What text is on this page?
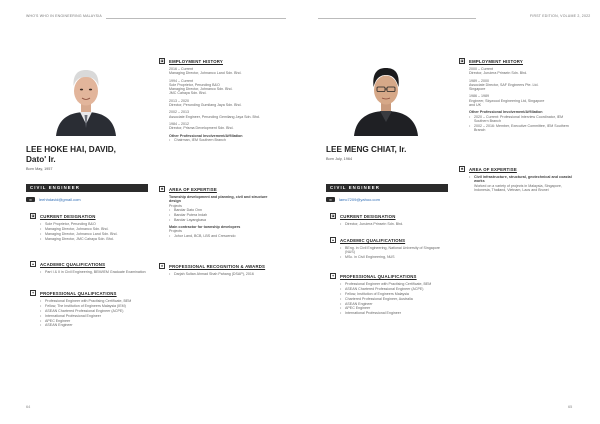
WHO'S WHO IN ENGINEERING MALAYSIA
LEE HOKE HAI, DAVID,
Dato' Ir.
Born May, 1957
CIVIL ENGINEER
✉	leehhdavid@gmail.com
▣	CURRENT DESIGNATION
• Sole Proprietor, Perunding B&O
• Managing Director, Johnanco Sdn. Bhd.
• Managing Director, Johnanco Land Sdn. Bhd.
• Managing Director, JMC Cahaya Sdn. Bhd.
▲	ACADEMIC QUALIFICATIONS
• Part I & II in Civil Engineering, BEM/IEM Graduate Examination
✦	PROFESSIONAL QUALIFICATIONS
• Professional Engineer with Practising Certificate, BEM
• Fellow, The Institution of Engineers Malaysia (IEM)
• ASEAN Chartered Professional Engineer (ACPE)
• International Professional Engineer
• APEC Engineer
• ASEAN Engineer
▣	EMPLOYMENT HISTORY
2016 – Current
Managing Director, Johnanco Land Sdn. Bhd.
1994 – Current
Sole Proprietor, Perunding B&O
Managing Director, Johnanco Sdn. Bhd.
JMC Cahaya Sdn. Bhd.
2013 – 2020
Director, Perunding Gumilang Jaya Sdn. Bhd.
2002 – 2013
Associate Engineer, Perunding Gemilang Jaya Sdn. Bhd.
1984 – 2012
Director, Prisma Development Sdn. Bhd.
Other Professional Involvement/Affiliation
• Chairman, IEM Southern Branch
✱	AREA OF EXPERTISE
Township development and planning, civil and structure design
Projects
• Bandar Dato Onn
• Bandar Putera Indah
• Bandar Layangkasa
Main contractor for township developers
Projects
• Johor Land, BCB, LBS and Crescendo
★	PROFESSIONAL RECOGNITION & AWARDS
• Darjah Sultan Ahmad Shah Pahang (DSAP), 2016
64
FIRST EDITION, VOLUME 2, 2022
LEE MENG CHIAT, Ir.
Born July, 1964
CIVIL ENGINEER
✉	lamc7209@yahoo.com
▣	CURRENT DESIGNATION
• Director, Juruiera Prinsein Sdn. Bhd.
▲	ACADEMIC QUALIFICATIONS
• BEng. in Civil Engineering, National University of Singapore (NUS)
• MSc. in Civil Engineering, NUS
✦	PROFESSIONAL QUALIFICATIONS
• Professional Engineer with Practising Certificate, BEM
• ASEAN Chartered Professional Engineer (ACPE)
• Fellow, Institution of Engineers Malaysia
• Chartered Professional Engineer, Australia
• ASEAN Engineer
• APEC Engineer
• International Professional Engineer
▣	EMPLOYMENT HISTORY
2000 – Current
Director, Juruiera Prinsein Sdn. Bhd.
1989 – 2000
Associate Director, SAF Engineers Pte. Ltd.
Singapore
1986 – 1989
Engineer, Skywood Engineering Ltd, Singapore
and UK
Other Professional Involvement/Affiliation
• 2020 – Current: Professional Interview Coordinator, IEM Southern Branch
• 2002 – 2016: Member, Executive Committee, IEM Southern Branch
✱	AREA OF EXPERTISE
• Civil infrastructure, structural, geotechnical and coastal works
Worked on a variety of projects in Malaysia, Singapore, Indonesia, Thailand, Vietnam, Laos and Brunei
65
